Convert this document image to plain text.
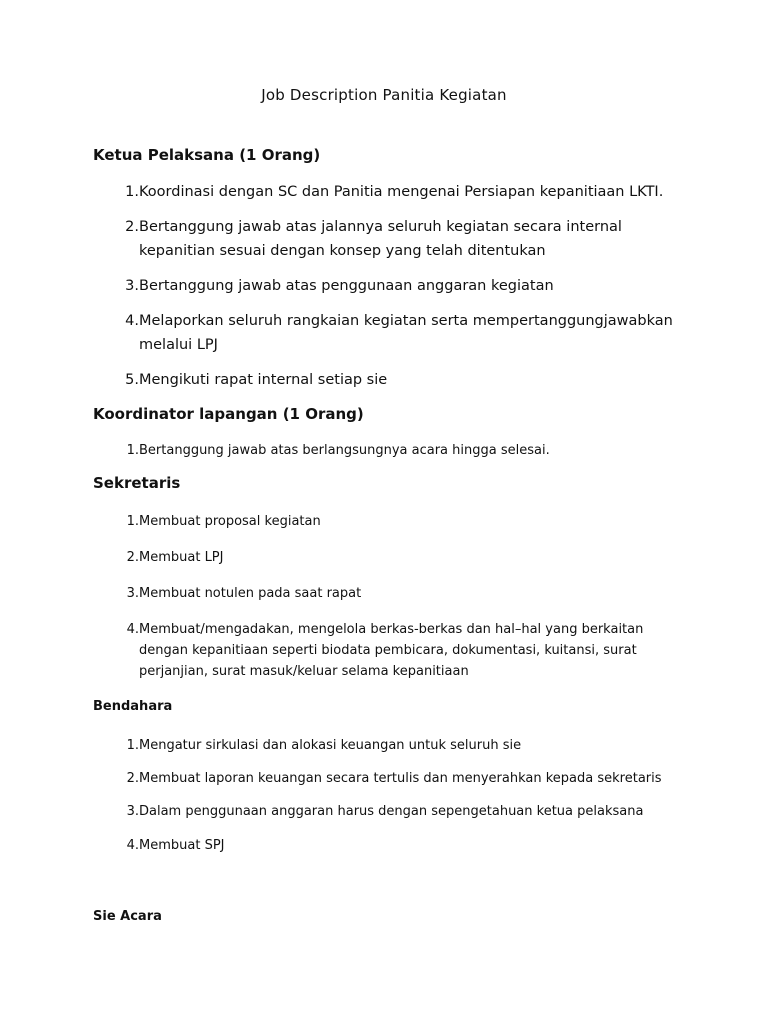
Job Description Panitia Kegiatan
Ketua Pelaksana (1 Orang)
1. Koordinasi dengan SC dan Panitia mengenai Persiapan kepanitiaan LKTI.
2. Bertanggung jawab atas jalannya seluruh kegiatan secara internal kepanitian sesuai dengan konsep yang telah ditentukan
3. Bertanggung jawab atas penggunaan anggaran kegiatan
4. Melaporkan seluruh rangkaian kegiatan serta mempertanggungjawabkan melalui LPJ
5. Mengikuti rapat internal setiap sie
Koordinator lapangan (1 Orang)
1. Bertanggung jawab atas berlangsungnya acara hingga selesai.
Sekretaris
1. Membuat proposal kegiatan
2. Membuat LPJ
3. Membuat notulen pada saat rapat
4. Membuat/mengadakan, mengelola berkas-berkas dan hal–hal yang berkaitan dengan kepanitiaan seperti biodata pembicara, dokumentasi, kuitansi, surat perjanjian, surat masuk/keluar selama kepanitiaan
Bendahara
1. Mengatur sirkulasi dan alokasi keuangan untuk seluruh sie
2. Membuat laporan keuangan secara tertulis dan menyerahkan kepada sekretaris
3. Dalam penggunaan anggaran harus dengan sepengetahuan ketua pelaksana
4. Membuat SPJ
Sie Acara
